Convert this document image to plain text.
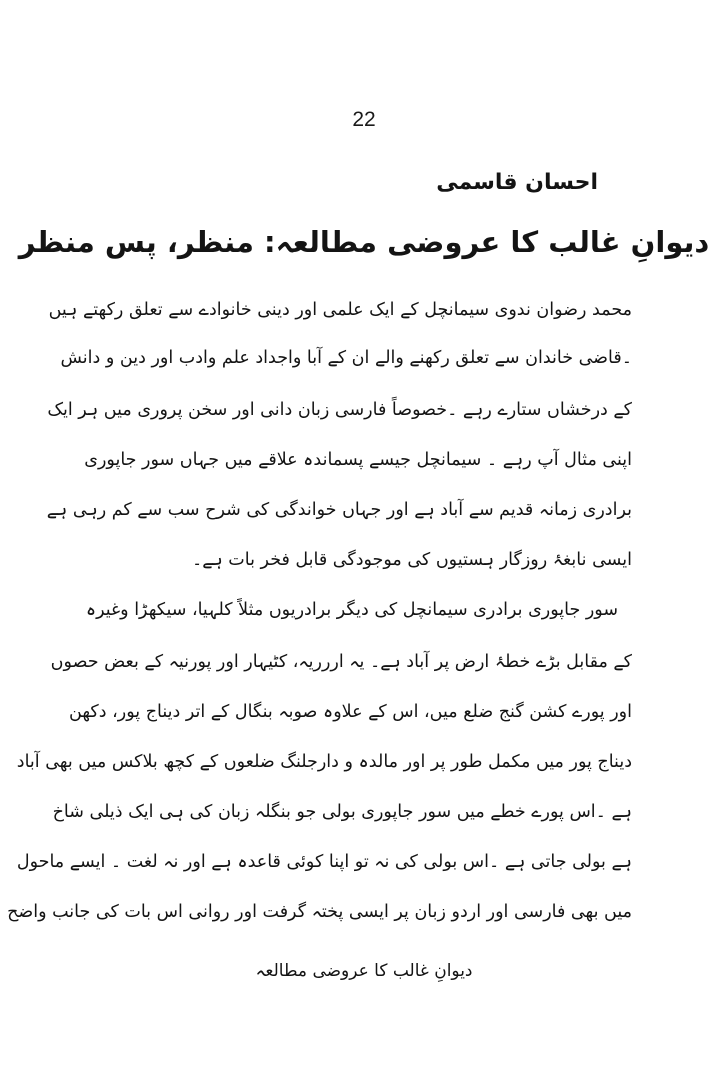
22
احسان قاسمی
دیوانِ غالب کا عروضی مطالعہ: منظر، پس منظر
محمد رضوان ندوی سیمانچل کے ایک علمی اور دینی خانوادے سے تعلق رکھتے ہیں
۔قاضی خاندان سے تعلق رکھنے والے ان کے آبا واجداد علم وادب اور دین و دانش
کے درخشاں ستارے رہے ۔خصوصاً فارسی زبان دانی اور سخن پروری میں ہر ایک
اپنی مثال آپ رہے ۔ سیمانچل جیسے پسماندہ علاقے میں جہاں سور جاپوری
برادری زمانہ قدیم سے آباد ہے اور جہاں خواندگی کی شرح سب سے کم رہی ہے
ایسی نابغۂ روزگار ہستیوں کی موجودگی قابل فخر بات ہے۔
سور جاپوری برادری سیمانچل کی دیگر برادریوں مثلاً کلہیا، سیکھڑا وغیرہ
کے مقابل بڑے خطۂ ارض پر آباد ہے۔ یہ اررریہ، کٹیہار اور پورنیہ کے بعض حصوں
اور پورے کشن گنج ضلع میں، اس کے علاوہ صوبہ بنگال کے اتر دیناج پور، دکھن
دیناج پور میں مکمل طور پر اور مالدہ و دارجلنگ ضلعوں کے کچھ بلاکس میں بھی آباد
ہے ۔اس پورے خطے میں سور جاپوری بولی جو بنگلہ زبان کی ہی ایک ذیلی شاخ
ہے بولی جاتی ہے ۔اس بولی کی نہ تو اپنا کوئی قاعدہ ہے اور نہ لغت ۔ ایسے ماحول
میں بھی فارسی اور اردو زبان پر ایسی پختہ گرفت اور روانی اس بات کی جانب واضح
دیوانِ غالب کا عروضی مطالعہ
